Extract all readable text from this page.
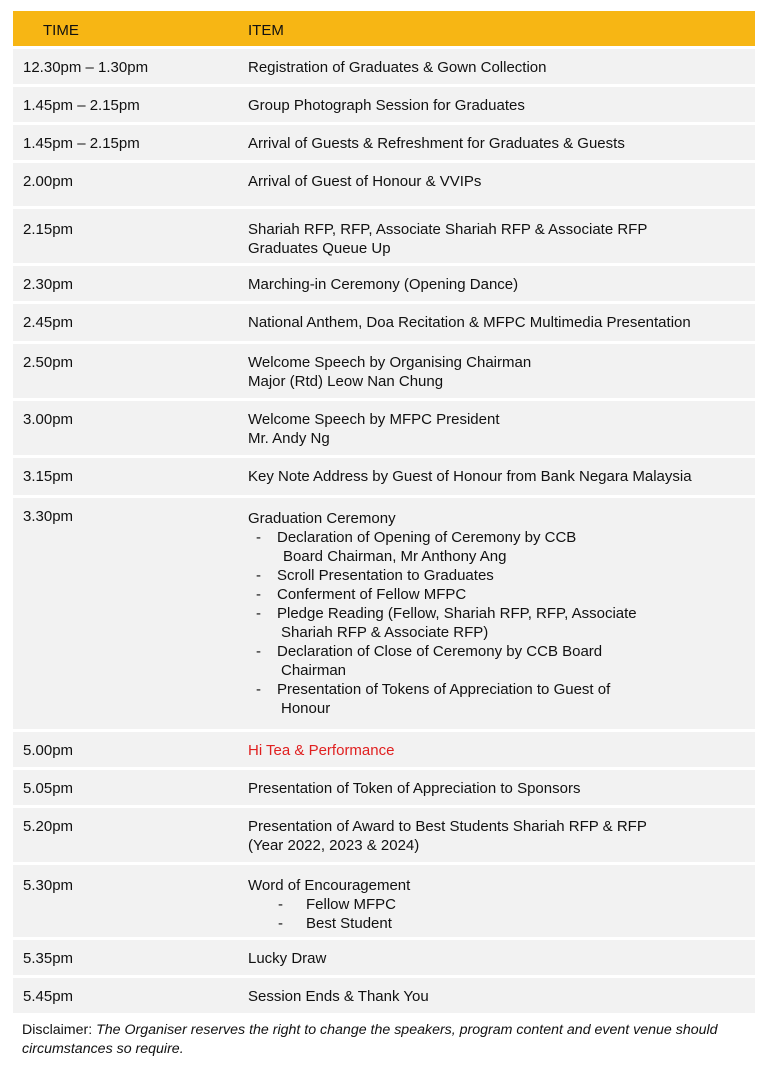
TIME	ITEM
12.30pm – 1.30pm	Registration of Graduates & Gown Collection
1.45pm – 2.15pm	Group Photograph Session for Graduates
1.45pm – 2.15pm	Arrival of Guests & Refreshment for Graduates & Guests
2.00pm	Arrival of Guest of Honour & VVIPs
2.15pm	Shariah RFP, RFP, Associate Shariah RFP & Associate RFP
Graduates Queue Up
2.30pm	Marching-in Ceremony (Opening Dance)
2.45pm	National Anthem, Doa Recitation & MFPC Multimedia Presentation
2.50pm	Welcome Speech by Organising Chairman
Major (Rtd) Leow Nan Chung
3.00pm	Welcome Speech by MFPC President
Mr. Andy Ng
3.15pm	Key Note Address by Guest of Honour from Bank Negara Malaysia
3.30pm	Graduation Ceremony
-	Declaration of Opening of Ceremony by CCB
Board Chairman, Mr Anthony Ang
-	Scroll Presentation to Graduates
-	Conferment of Fellow MFPC
-	Pledge Reading (Fellow, Shariah RFP, RFP, Associate
Shariah RFP & Associate RFP)
-	Declaration of Close of Ceremony by CCB Board
Chairman
-	Presentation of Tokens of Appreciation to Guest of
Honour
5.00pm	Hi Tea & Performance
5.05pm	Presentation of Token of Appreciation to Sponsors
5.20pm	Presentation of Award to Best Students Shariah RFP & RFP
(Year 2022, 2023 & 2024)
5.30pm	Word of Encouragement
-	Fellow MFPC
-	Best Student
5.35pm	Lucky Draw
5.45pm	Session Ends & Thank You
Disclaimer: The Organiser reserves the right to change the speakers, program content and event venue should circumstances so require.
